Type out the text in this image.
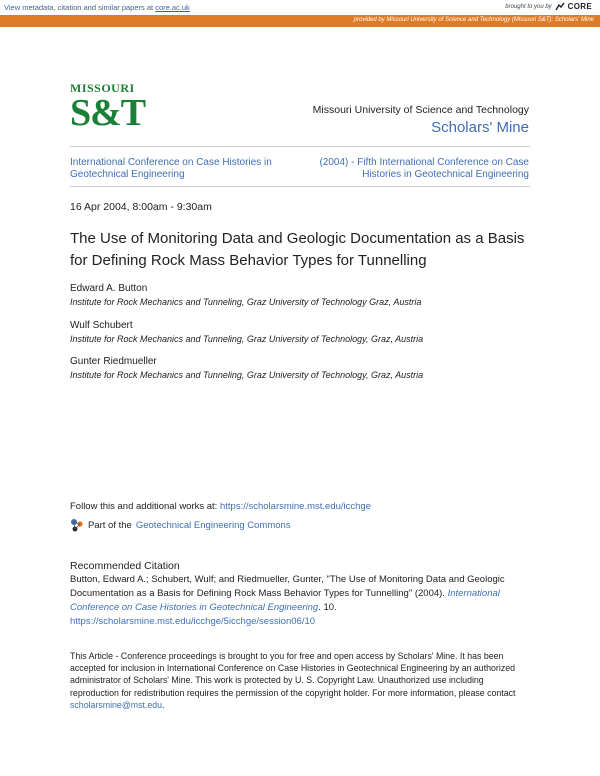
View metadata, citation and similar papers at core.ac.uk	brought to you by CORE
provided by Missouri University of Science and Technology (Missouri S&T): Scholars' Mine
MISSOURI
S&T	Missouri University of Science and Technology
Scholars' Mine
International Conference on Case Histories in Geotechnical Engineering
(2004) - Fifth International Conference on Case Histories in Geotechnical Engineering
16 Apr 2004, 8:00am - 9:30am
The Use of Monitoring Data and Geologic Documentation as a Basis for Defining Rock Mass Behavior Types for Tunnelling
Edward A. Button
Institute for Rock Mechanics and Tunneling, Graz University of Technology Graz, Austria
Wulf Schubert
Institute for Rock Mechanics and Tunneling, Graz University of Technology, Graz, Austria
Gunter Riedmueller
Institute for Rock Mechanics and Tunneling, Graz University of Technology, Graz, Austria
Follow this and additional works at: https://scholarsmine.mst.edu/icchge
Part of the Geotechnical Engineering Commons
Recommended Citation
Button, Edward A.; Schubert, Wulf; and Riedmueller, Gunter, "The Use of Monitoring Data and Geologic Documentation as a Basis for Defining Rock Mass Behavior Types for Tunnelling" (2004). International Conference on Case Histories in Geotechnical Engineering. 10.
https://scholarsmine.mst.edu/icchge/5icchge/session06/10
This Article - Conference proceedings is brought to you for free and open access by Scholars' Mine. It has been accepted for inclusion in International Conference on Case Histories in Geotechnical Engineering by an authorized administrator of Scholars' Mine. This work is protected by U. S. Copyright Law. Unauthorized use including reproduction for redistribution requires the permission of the copyright holder. For more information, please contact scholarsmine@mst.edu.
